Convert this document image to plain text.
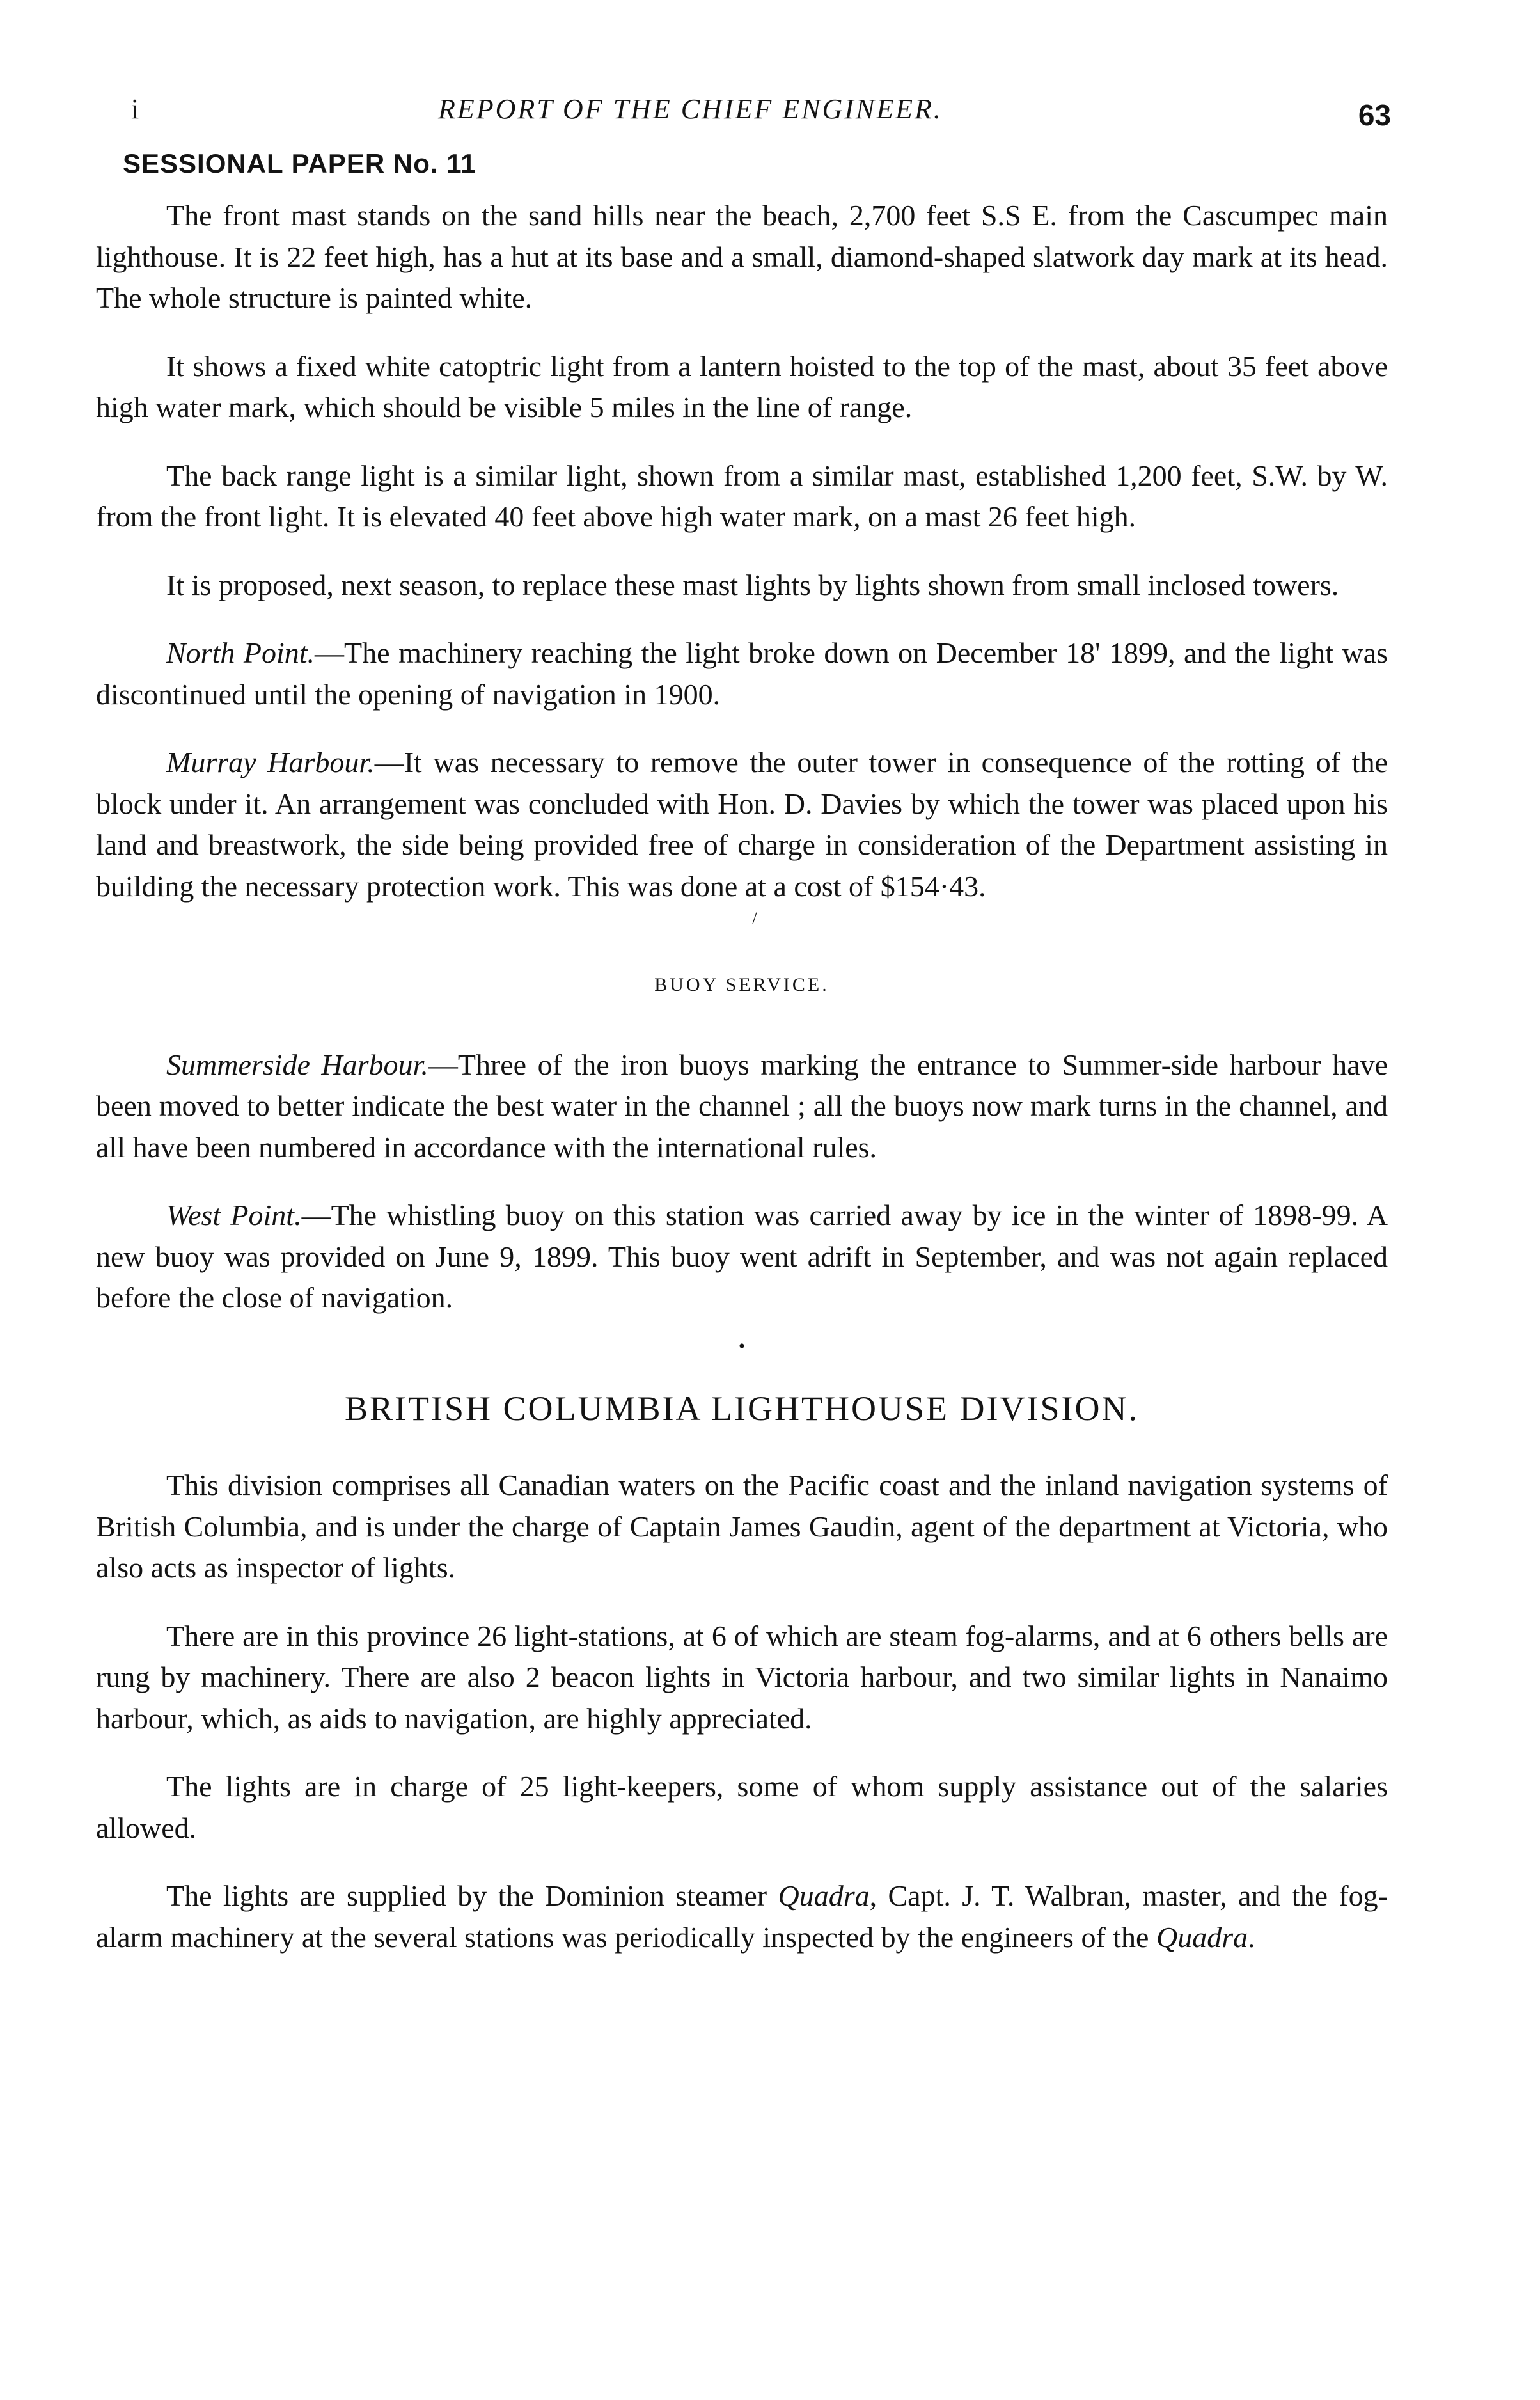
i	REPORT OF THE CHIEF ENGINEER.	63
SESSIONAL PAPER No. 11

The front mast stands on the sand hills near the beach, 2,700 feet S.S E. from the Cascumpec main lighthouse. It is 22 feet high, has a hut at its base and a small, diamond-shaped slatwork day mark at its head. The whole structure is painted white.

It shows a fixed white catoptric light from a lantern hoisted to the top of the mast, about 35 feet above high water mark, which should be visible 5 miles in the line of range.

The back range light is a similar light, shown from a similar mast, established 1,200 feet, S.W. by W. from the front light. It is elevated 40 feet above high water mark, on a mast 26 feet high.

It is proposed, next season, to replace these mast lights by lights shown from small inclosed towers.

North Point.—The machinery reaching the light broke down on December 18' 1899, and the light was discontinued until the opening of navigation in 1900.

Murray Harbour.—It was necessary to remove the outer tower in consequence of the rotting of the block under it. An arrangement was concluded with Hon. D. Davies by which the tower was placed upon his land and breastwork, the side being provided free of charge in consideration of the Department assisting in building the necessary protection work. This was done at a cost of $154·43.

/
BUOY SERVICE.

Summerside Harbour.—Three of the iron buoys marking the entrance to Summer-side harbour have been moved to better indicate the best water in the channel ; all the buoys now mark turns in the channel, and all have been numbered in accordance with the international rules.

West Point.—The whistling buoy on this station was carried away by ice in the winter of 1898-99. A new buoy was provided on June 9, 1899. This buoy went adrift in September, and was not again replaced before the close of navigation.

•
BRITISH COLUMBIA LIGHTHOUSE DIVISION.

This division comprises all Canadian waters on the Pacific coast and the inland navigation systems of British Columbia, and is under the charge of Captain James Gaudin, agent of the department at Victoria, who also acts as inspector of lights.

There are in this province 26 light-stations, at 6 of which are steam fog-alarms, and at 6 others bells are rung by machinery. There are also 2 beacon lights in Victoria harbour, and two similar lights in Nanaimo harbour, which, as aids to navigation, are highly appreciated.

The lights are in charge of 25 light-keepers, some of whom supply assistance out of the salaries allowed.

The lights are supplied by the Dominion steamer Quadra, Capt. J. T. Walbran, master, and the fog-alarm machinery at the several stations was periodically inspected by the engineers of the Quadra.
